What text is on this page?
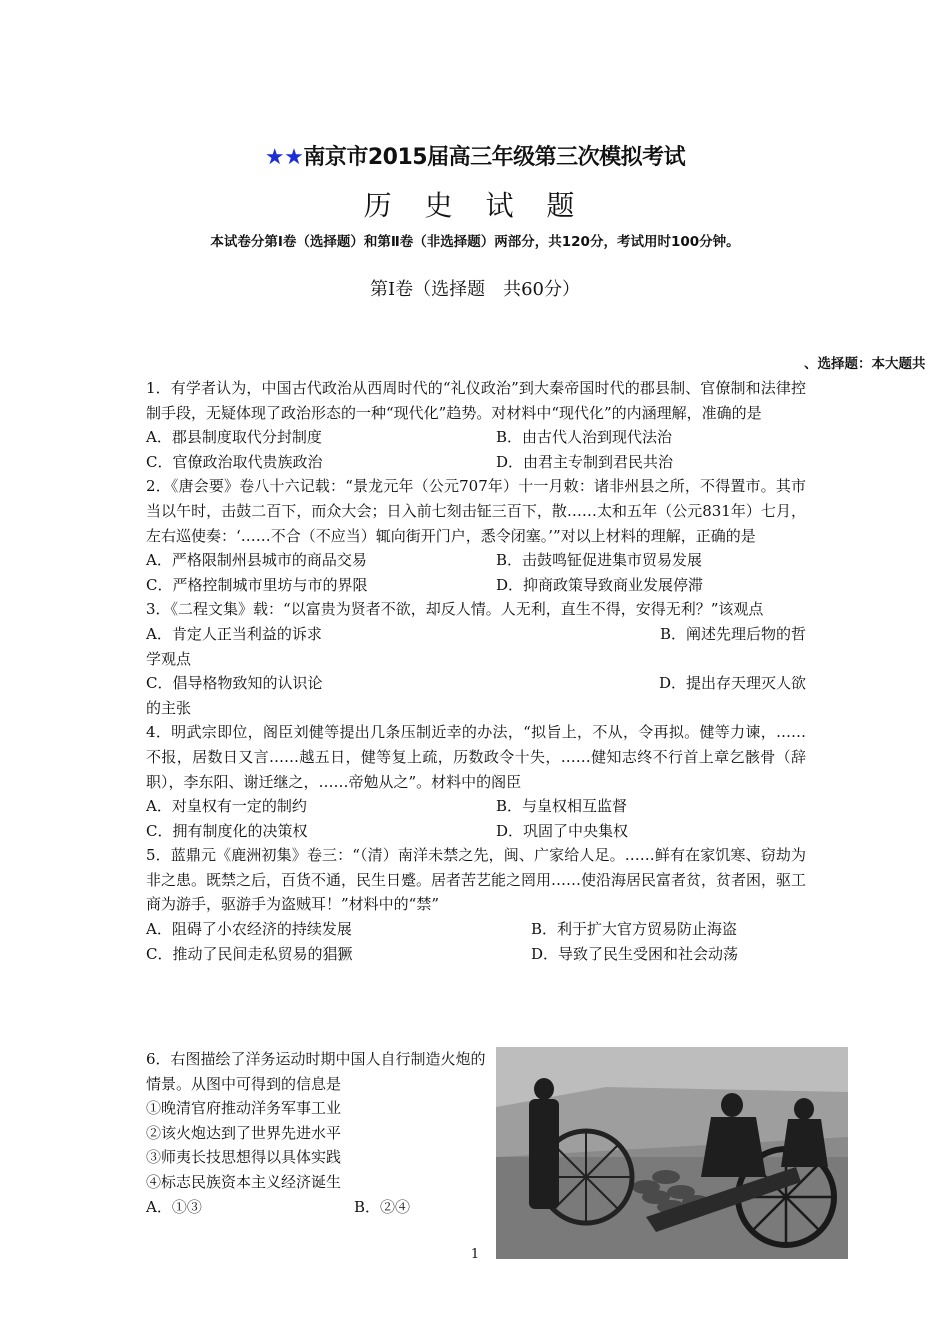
★★南京市2015届高三年级第三次模拟考试
历 史 试 题
本试卷分第Ⅰ卷（选择题）和第Ⅱ卷（非选择题）两部分，共120分，考试用时100分钟。
第Ⅰ卷（选择题　共60分）
、选择题：本大题共

1．有学者认为，中国古代政治从西周时代的“礼仪政治”到大秦帝国时代的郡县制、官僚制和法律控制手段，无疑体现了政治形态的一种“现代化”趋势。对材料中“现代化”的内涵理解，准确的是

A．郡县制度取代分封制度	B．由古代人治到现代法治
C．官僚政治取代贵族政治	D．由君主专制到君民共治

2．《唐会要》卷八十六记载：“景龙元年（公元707年）十一月敕：诸非州县之所，不得置市。其市当以午时，击鼓二百下，而众大会；日入前七刻击钲三百下，散……太和五年（公元831年）七月，左右巡使奏：‘……不合（不应当）辄向街开门户，悉令闭塞。’”对以上材料的理解，正确的是

A．严格限制州县城市的商品交易	B．击鼓鸣钲促进集市贸易发展
C．严格控制城市里坊与市的界限	D．抑商政策导致商业发展停滞

3．《二程文集》载：“以富贵为贤者不欲，却反人情。人无利，直生不得，安得无利？”该观点

A．肯定人正当利益的诉求	B．阐述先理后物的哲
学观点
C．倡导格物致知的认识论	D．提出存天理灭人欲
的主张

4．明武宗即位，阁臣刘健等提出几条压制近幸的办法，“拟旨上，不从，令再拟。健等力谏，……不报，居数日又言……越五日，健等复上疏，历数政令十失，……健知志终不行首上章乞骸骨（辞职），李东阳、谢迁继之，……帝勉从之”。材料中的阁臣

A．对皇权有一定的制约	B．与皇权相互监督
C．拥有制度化的决策权	D．巩固了中央集权

5．蓝鼎元《鹿洲初集》卷三：“（清）南洋未禁之先，闽、广家给人足。……鲜有在家饥寒、窃劫为非之患。既禁之后，百货不通，民生日蹙。居者苦艺能之罔用……使沿海居民富者贫，贫者困，驱工商为游手，驱游手为盗贼耳！”材料中的“禁”

A．阻碍了小农经济的持续发展	B．利于扩大官方贸易防止海盗
C．推动了民间走私贸易的猖獗	D．导致了民生受困和社会动荡

6．右图描绘了洋务运动时期中国人自行制造火炮的情景。从图中可得到的信息是

①晚清官府推动洋务军事工业

②该火炮达到了世界先进水平

③师夷长技思想得以具体实践

④标志民族资本主义经济诞生

A．①③	B．②④
1
